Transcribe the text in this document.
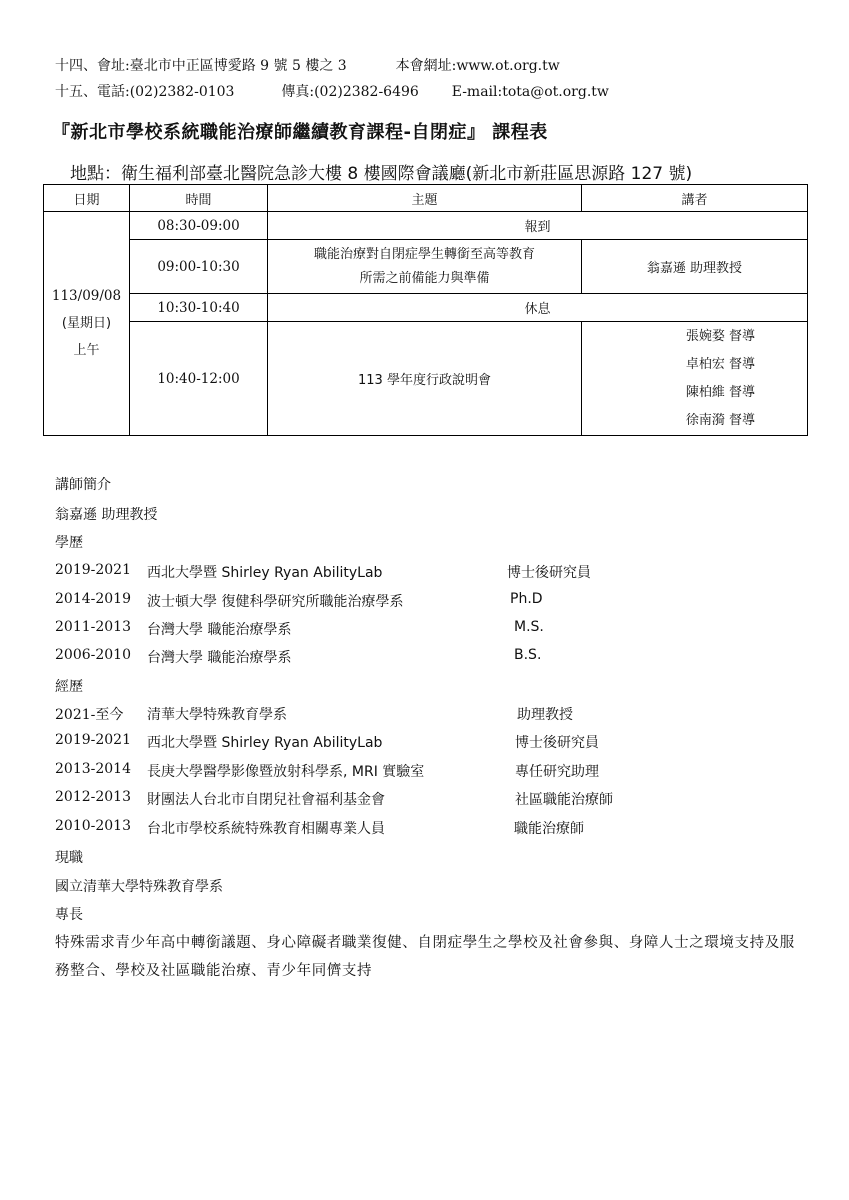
十四、會址:臺北市中正區博愛路 9 號 5 樓之 3	本會網址:www.ot.org.tw
十五、電話:(02)2382-0103	傳真:(02)2382-6496 E-mail:tota@ot.org.tw
『新北市學校系統職能治療師繼續教育課程-自閉症』 課程表
地點：衛生福利部臺北醫院急診大樓 8 樓國際會議廳(新北市新莊區思源路 127 號)
日期	時間	主題	講者

113/09/08
(星期日)
上午	08:30-09:00	報到	
	09:00-10:30	職能治療對自閉症學生轉銜至高等教育
所需之前備能力與準備	翁嘉遜 助理教授
	10:30-10:40	休息	
	10:40-12:00	113 學年度行政說明會	張婉婺 督導
卓柏宏 督導
陳柏維 督導
徐南漪 督導
講師簡介
翁嘉遜 助理教授
學歷
2019-2021 西北大學暨 Shirley Ryan AbilityLab	博士後研究員
2014-2019 波士頓大學 復健科學研究所職能治療學系	Ph.D
2011-2013 台灣大學 職能治療學系	M.S.
2006-2010 台灣大學 職能治療學系	B.S.
經歷
2021-至今 清華大學特殊教育學系	助理教授
2019-2021 西北大學暨 Shirley Ryan AbilityLab	博士後研究員
2013-2014 長庚大學醫學影像暨放射科學系, MRI 實驗室	專任研究助理
2012-2013 財團法人台北市自閉兒社會福利基金會	社區職能治療師
2010-2013 台北市學校系統特殊教育相關專業人員	職能治療師
現職
國立清華大學特殊教育學系
專長
特殊需求青少年高中轉銜議題、身心障礙者職業復健、自閉症學生之學校及社會參與、身障人士之環境支持及服務整合、學校及社區職能治療、青少年同儕支持
